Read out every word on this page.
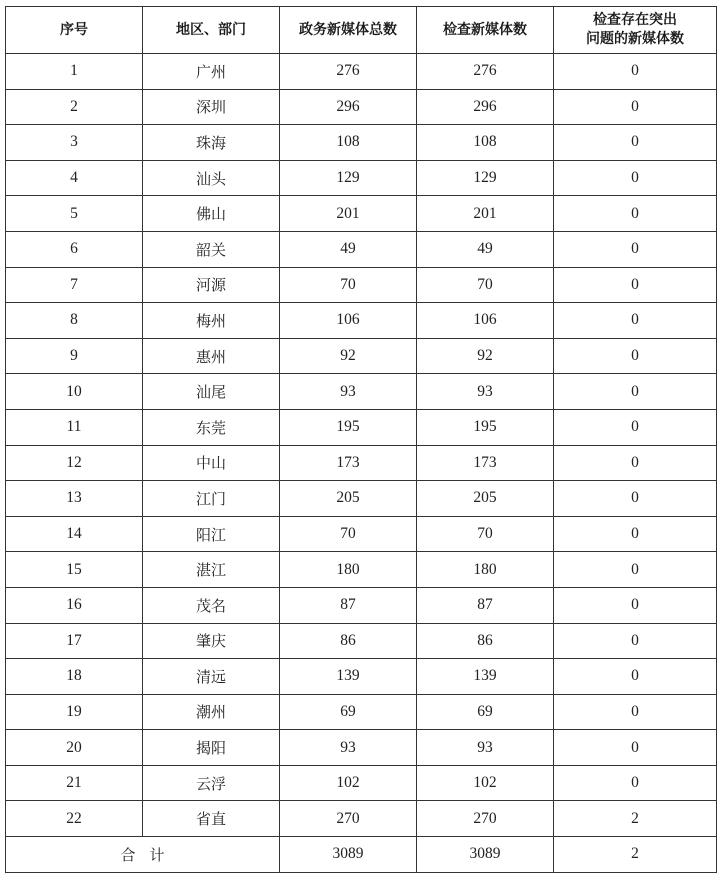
序号	地区、部门	政务新媒体总数	检查新媒体数	检查存在突出
问题的新媒体数

1	广州	276	276	0
2	深圳	296	296	0
3	珠海	108	108	0
4	汕头	129	129	0
5	佛山	201	201	0
6	韶关	49	49	0
7	河源	70	70	0
8	梅州	106	106	0
9	惠州	92	92	0
10	汕尾	93	93	0
11	东莞	195	195	0
12	中山	173	173	0
13	江门	205	205	0
14	阳江	70	70	0
15	湛江	180	180	0
16	茂名	87	87	0
17	肇庆	86	86	0
18	清远	139	139	0
19	潮州	69	69	0
20	揭阳	93	93	0
21	云浮	102	102	0
22	省直	270	270	2
合计		3089	3089	2
